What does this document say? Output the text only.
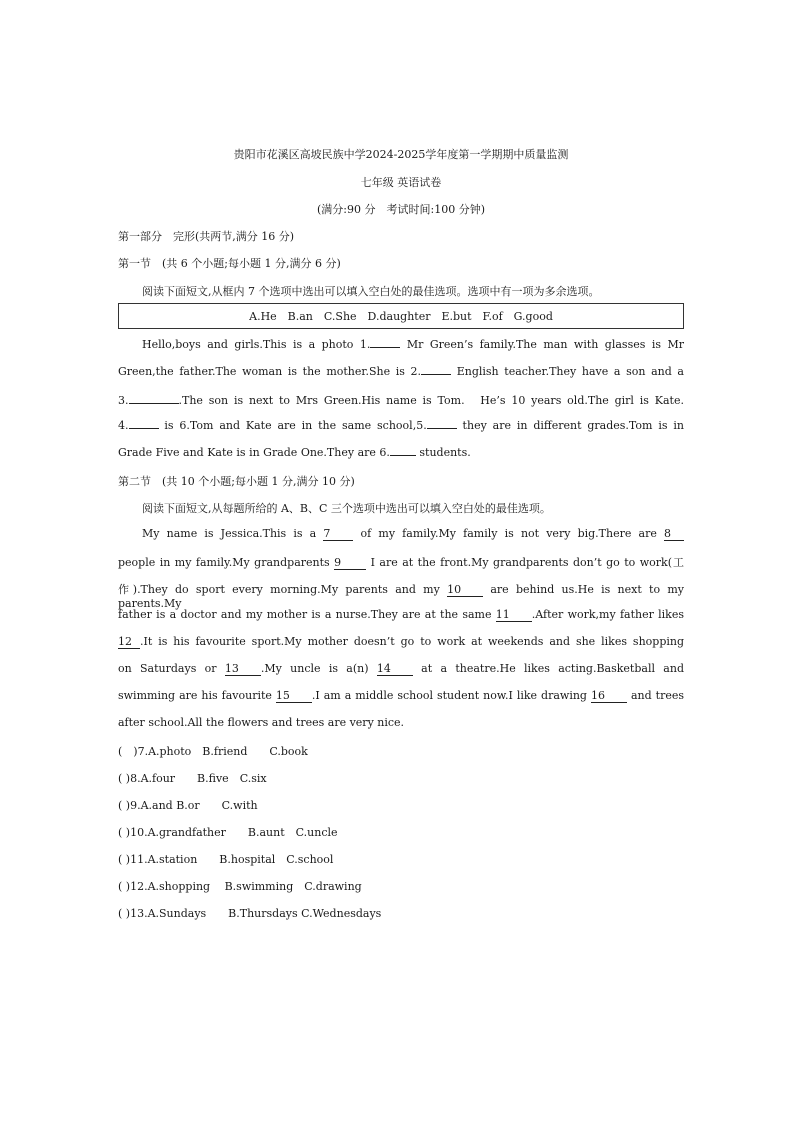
贵阳市花溪区高坡民族中学2024-2025学年度第一学期期中质量监测
七年级 英语试卷
(满分:90 分　考试时间:100 分钟)
第一部分　完形(共两节,满分 16 分)
第一节　(共 6 个小题;每小题 1 分,满分 6 分)
阅读下面短文,从框内 7 个选项中选出可以填入空白处的最佳选项。选项中有一项为多余选项。
A.He　B.an　C.She　D.daughter　E.but　F.of　G.good
Hello,boys and girls.This is a photo 1.	Mr Green’s family.The man with glasses is Mr
Green,the father.The woman is the mother.She is 2.	English teacher.They have a son and a
3.	.The son is next to Mrs Green.His name is Tom.　He’s 10 years old.The girl is Kate.
4.	is 6.Tom and Kate are in the same school,5.	they are in different grades.Tom is in
Grade Five and Kate is in Grade One.They are 6. students.
第二节　(共 10 个小题;每小题 1 分,满分 10 分)
阅读下面短文,从每题所给的 A、B、C 三个选项中选出可以填入空白处的最佳选项。
My name is Jessica.This is a 7 of my family.My family is not very big.There are 8
people in my family.My grandparents 9 I are at the front.My grandparents don’t go to work(工
作).They do sport every morning.My parents and my 10 are behind us.He is next to my parents.My
father is a doctor and my mother is a nurse.They are at the same 11 .After work,my father likes
12 .It is his favourite sport.My mother doesn’t go to work at weekends and she likes shopping
on Saturdays or 13 .My uncle is a(n) 14 at a theatre.He likes acting.Basketball and
swimming are his favourite 15 .I am a middle school student now.I like drawing 16 and trees
after school.All the flowers and trees are very nice.
(　)7.A.photo　B.friend　　C.book
( )8.A.four　　B.five　C.six
( )9.A.and B.or　　C.with
( )10.A.grandfather　　B.aunt　C.uncle
( )11.A.station　　B.hospital　C.school
( )12.A.shopping　 B.swimming　C.drawing
( )13.A.Sundays　　B.Thursdays C.Wednesdays
